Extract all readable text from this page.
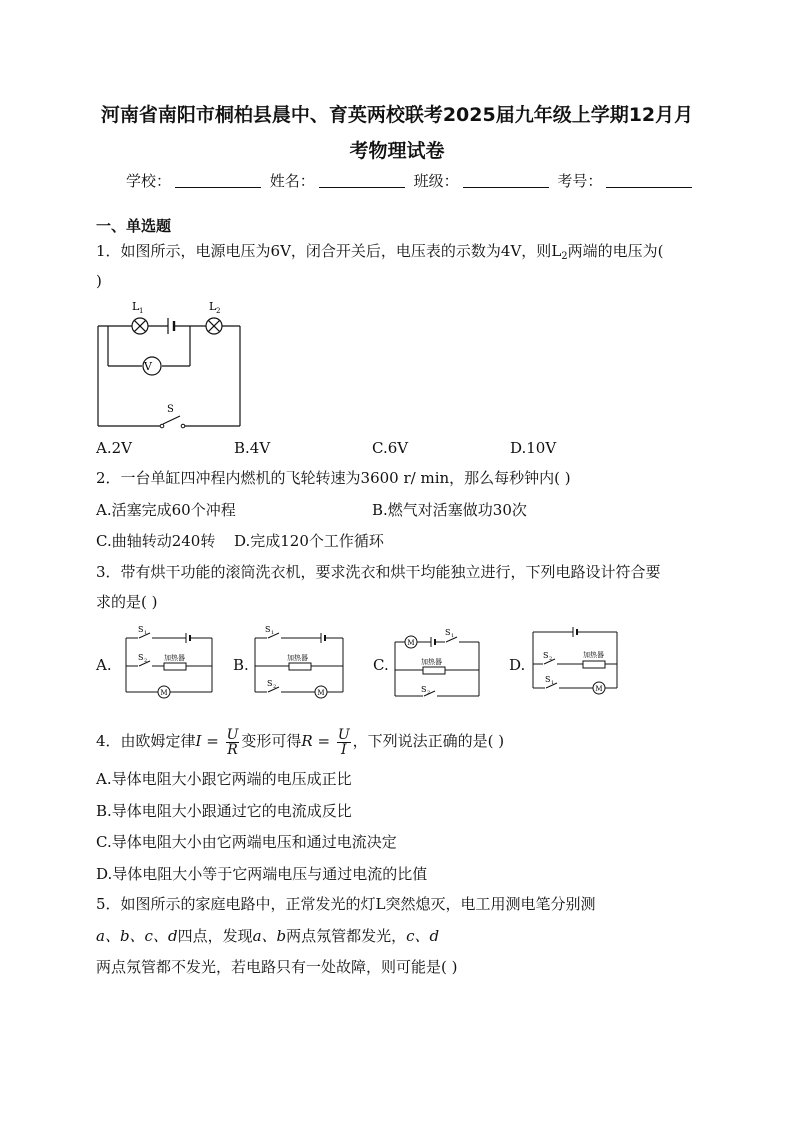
河南省南阳市桐柏县晨中、育英两校联考2025届九年级上学期12月月
考物理试卷
学校：	姓名：	班级：	考号：
一、单选题
1．如图所示，电源电压为6V，闭合开关后，电压表的示数为4V，则$L_2$两端的电压为(
)
V
L 1	L 2
S
A.2V	B.4V	C.6V	D.10V
2．一台单缸四冲程内燃机的飞轮转速为3600 r/ min，那么每秒钟内( )
A.活塞完成60个冲程	B.燃气对活塞做功30次
C.曲轴转动240转 D.完成120个工作循环
3．带有烘干功能的滚筒洗衣机，要求洗衣和烘干均能独立进行，下列电路设计符合要
求的是( )
A.	B.	C.	D.
S 1
S 2 加热器
M
S 1
加热器
S 2
M
M
S 1
加热器
S 2
S 2	加热器
S 1
M
4．由欧姆定律$I = \frac{U}{R}$ 变形可得$R = \frac{U}{I}$ ，下列说法正确的是( )
A.导体电阻大小跟它两端的电压成正比
B.导体电阻大小跟通过它的电流成反比
C.导体电阻大小由它两端电压和通过电流决定
D.导体电阻大小等于它两端电压与通过电流的比值
5．如图所示的家庭电路中，正常发光的灯L突然熄灭，电工用测电笔分别测
a、b、c、d四点，发现a、b两点氖管都发光，c、d
两点氖管都不发光，若电路只有一处故障，则可能是( )
